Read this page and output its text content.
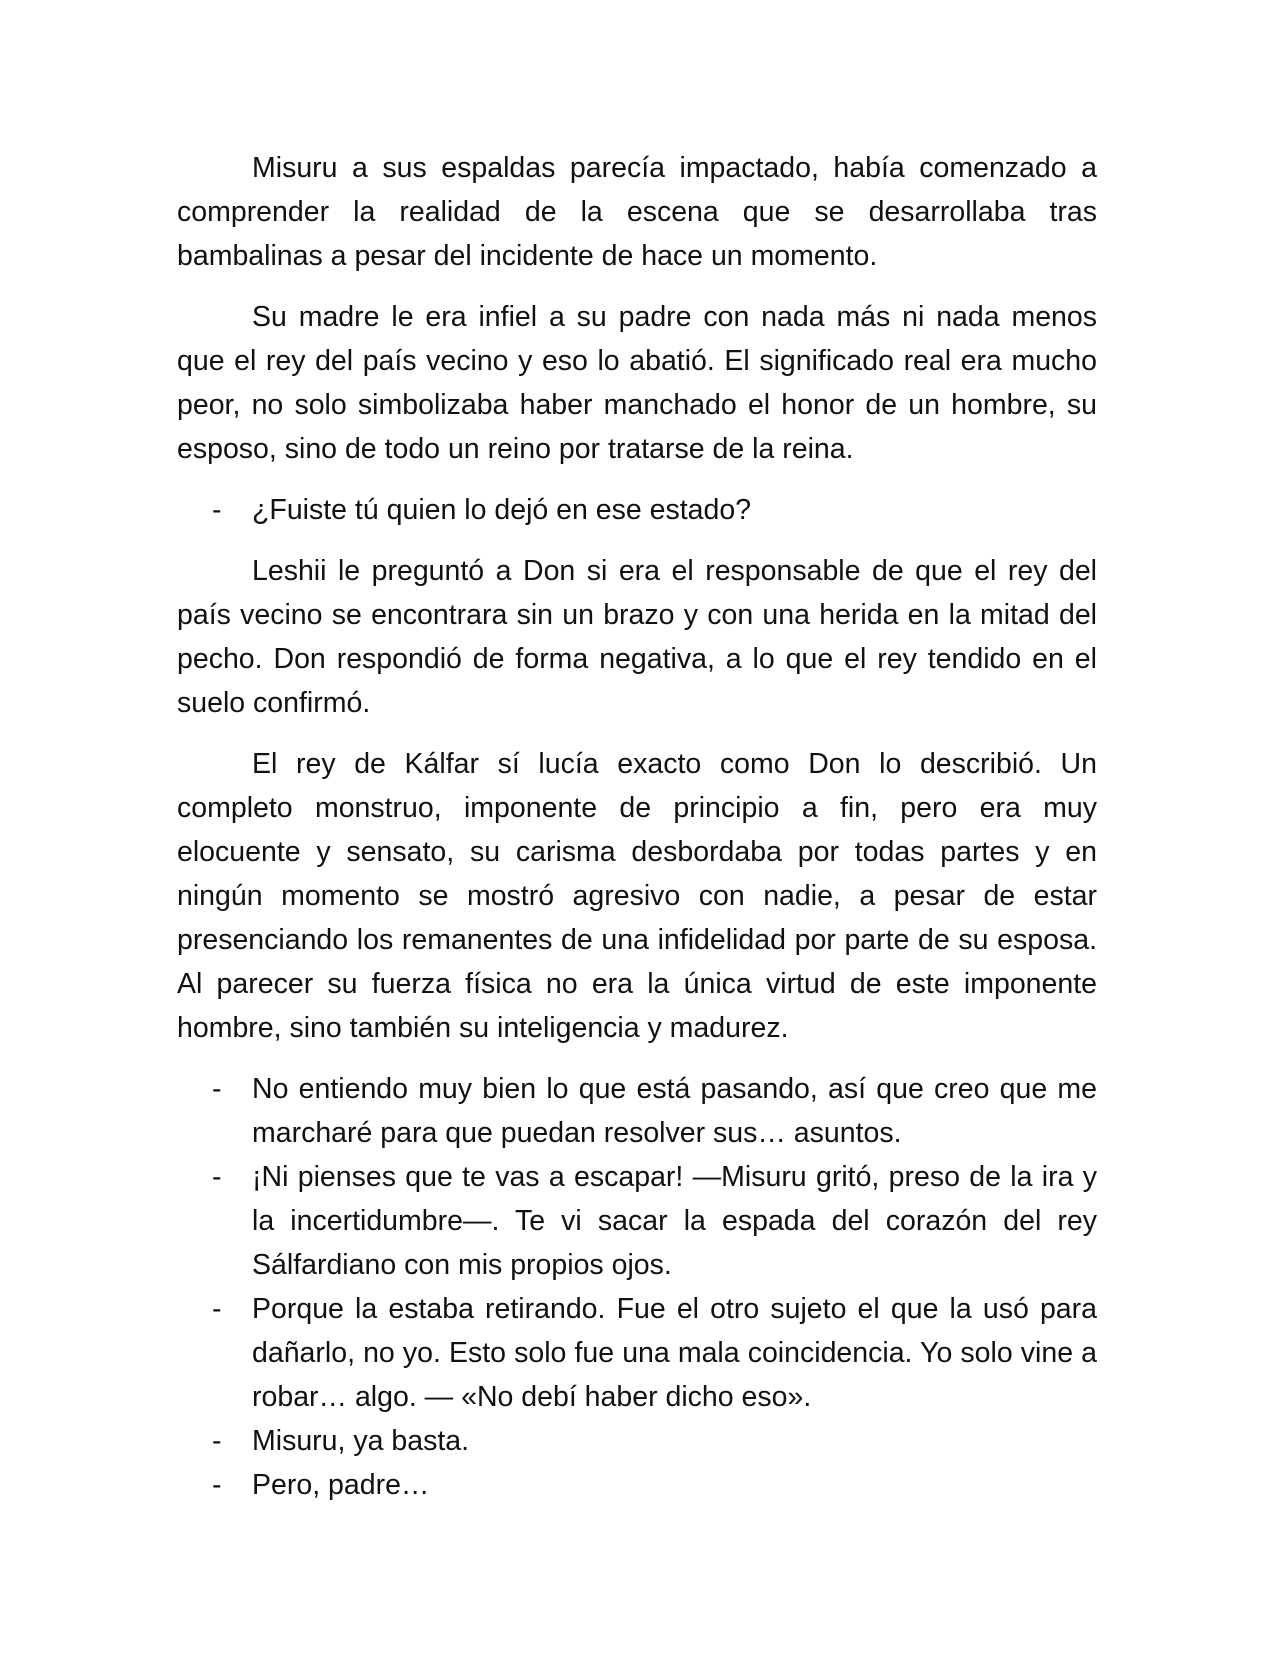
Misuru a sus espaldas parecía impactado, había comenzado a comprender la realidad de la escena que se desarrollaba tras bambalinas a pesar del incidente de hace un momento.

Su madre le era infiel a su padre con nada más ni nada menos que el rey del país vecino y eso lo abatió. El significado real era mucho peor, no solo simbolizaba haber manchado el honor de un hombre, su esposo, sino de todo un reino por tratarse de la reina.

- ¿Fuiste tú quien lo dejó en ese estado?

Leshii le preguntó a Don si era el responsable de que el rey del país vecino se encontrara sin un brazo y con una herida en la mitad del pecho. Don respondió de forma negativa, a lo que el rey tendido en el suelo confirmó.

El rey de Kálfar sí lucía exacto como Don lo describió. Un completo monstruo, imponente de principio a fin, pero era muy elocuente y sensato, su carisma desbordaba por todas partes y en ningún momento se mostró agresivo con nadie, a pesar de estar presenciando los remanentes de una infidelidad por parte de su esposa. Al parecer su fuerza física no era la única virtud de este imponente hombre, sino también su inteligencia y madurez.

- No entiendo muy bien lo que está pasando, así que creo que me marcharé para que puedan resolver sus… asuntos.
- ¡Ni pienses que te vas a escapar! —Misuru gritó, preso de la ira y la incertidumbre—. Te vi sacar la espada del corazón del rey Sálfardiano con mis propios ojos.
- Porque la estaba retirando. Fue el otro sujeto el que la usó para dañarlo, no yo. Esto solo fue una mala coincidencia. Yo solo vine a robar… algo. — «No debí haber dicho eso».
- Misuru, ya basta.
- Pero, padre…
